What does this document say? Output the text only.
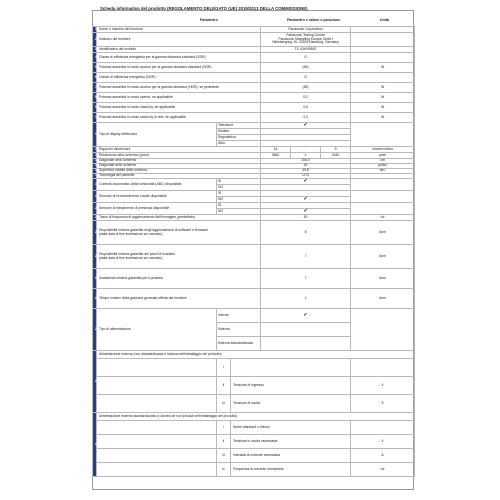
Scheda informativa del prodotto (REGOLAMENTO DELEGATO (UE) 2019/2013 DELLA COMMISSIONE)
Parametro	Parametro e valore o posizione	Unità
1	Nome o marchio del fornitore			Panasonic Corporation			
2	Indirizzo del fornitore			Panasonic Testing Centre
Panasonic Marketing Europe GmbH
Winsbergring 15, 22525 Hamburg, Germany			

3	Identificativo del modello			TX-43HX580E			
4	Classe di efficienza energetica per la gamma dinamica standard (SDR)			G			
5	Potenza assorbita in modo acceso per la gamma dinamica standard (SDR)			(65)			W
6	Classe di efficienza energetica (HDR)			G			
7	Potenza assorbita in modo acceso per la gamma dinamica (HDR), se pertinente			(85)			W
8	Potenza assorbita in modo spento, se applicabile			0,2			W
9	Potenza assorbita in modo stand-by, se applicabile			0,5			W
10	Potenza assorbita in modo stand-by in rete, se applicabile			2,0			W
11	Tipo di display elettronico	Televisore		✔			
		Monitor					
		Segnaletica					
		Altro					
12	Rapporto dimensioni			16	:	9	numero intero
13	Risoluzione dello schermo (pixel)			3840	x	2160	pixel
14	Diagonale dello schermo			108,0			cm
15	Diagonale dello schermo			43			pollici
16	Superficie visibile dello schermo			49,8			dm²
17	Tecnologia del pannello			LCD			
18	Controllo automatico della luminosità (ABC) disponibile	SÌ		✔			
		NO					
19	Sensore di riconoscimento vocale disponibile	SÌ					
		NO		✔			
20	Sensore di rilevamento di presenza disponibile	SÌ					
		NO		✔			
21	Tasso di frequenza di aggiornamento dell'immagine (predefinito)			50			Hz
22	Disponibilità minima garantita degli aggiornamenti di software e firmware
(dalla data di fine immissione sul mercato)			8			Anni
23	Disponibilità minima garantita dei pezzi di ricambio
(dalla data di fine immissione sul mercato)			7			Anni
24	Assistenza minima garantita per il prodotto			7			Anni
25	Tempo minimo della garanzia generale offerta dal fornitore			2			Anni
26	Tipo di alimentazione	Interna		✔			
		Esterna					
		Esterna standardizzata					
27	Alimentazione esterna (non standardizzata e inclusa nell'imballaggio del prodotto)						
		i					
		ii	Tensione di ingresso				V
		iii	Tensione di uscita				V
28	Alimentazione esterna standardizzata (o idonea se non inclusa nell'imballaggio del prodotto)						
		i	Nome standard o elenco				
		ii	Tensione in uscita necessaria				V
		iii	Intensità di corrente necessaria				A
		iv	Frequenza di corrente necessaria				Hz
